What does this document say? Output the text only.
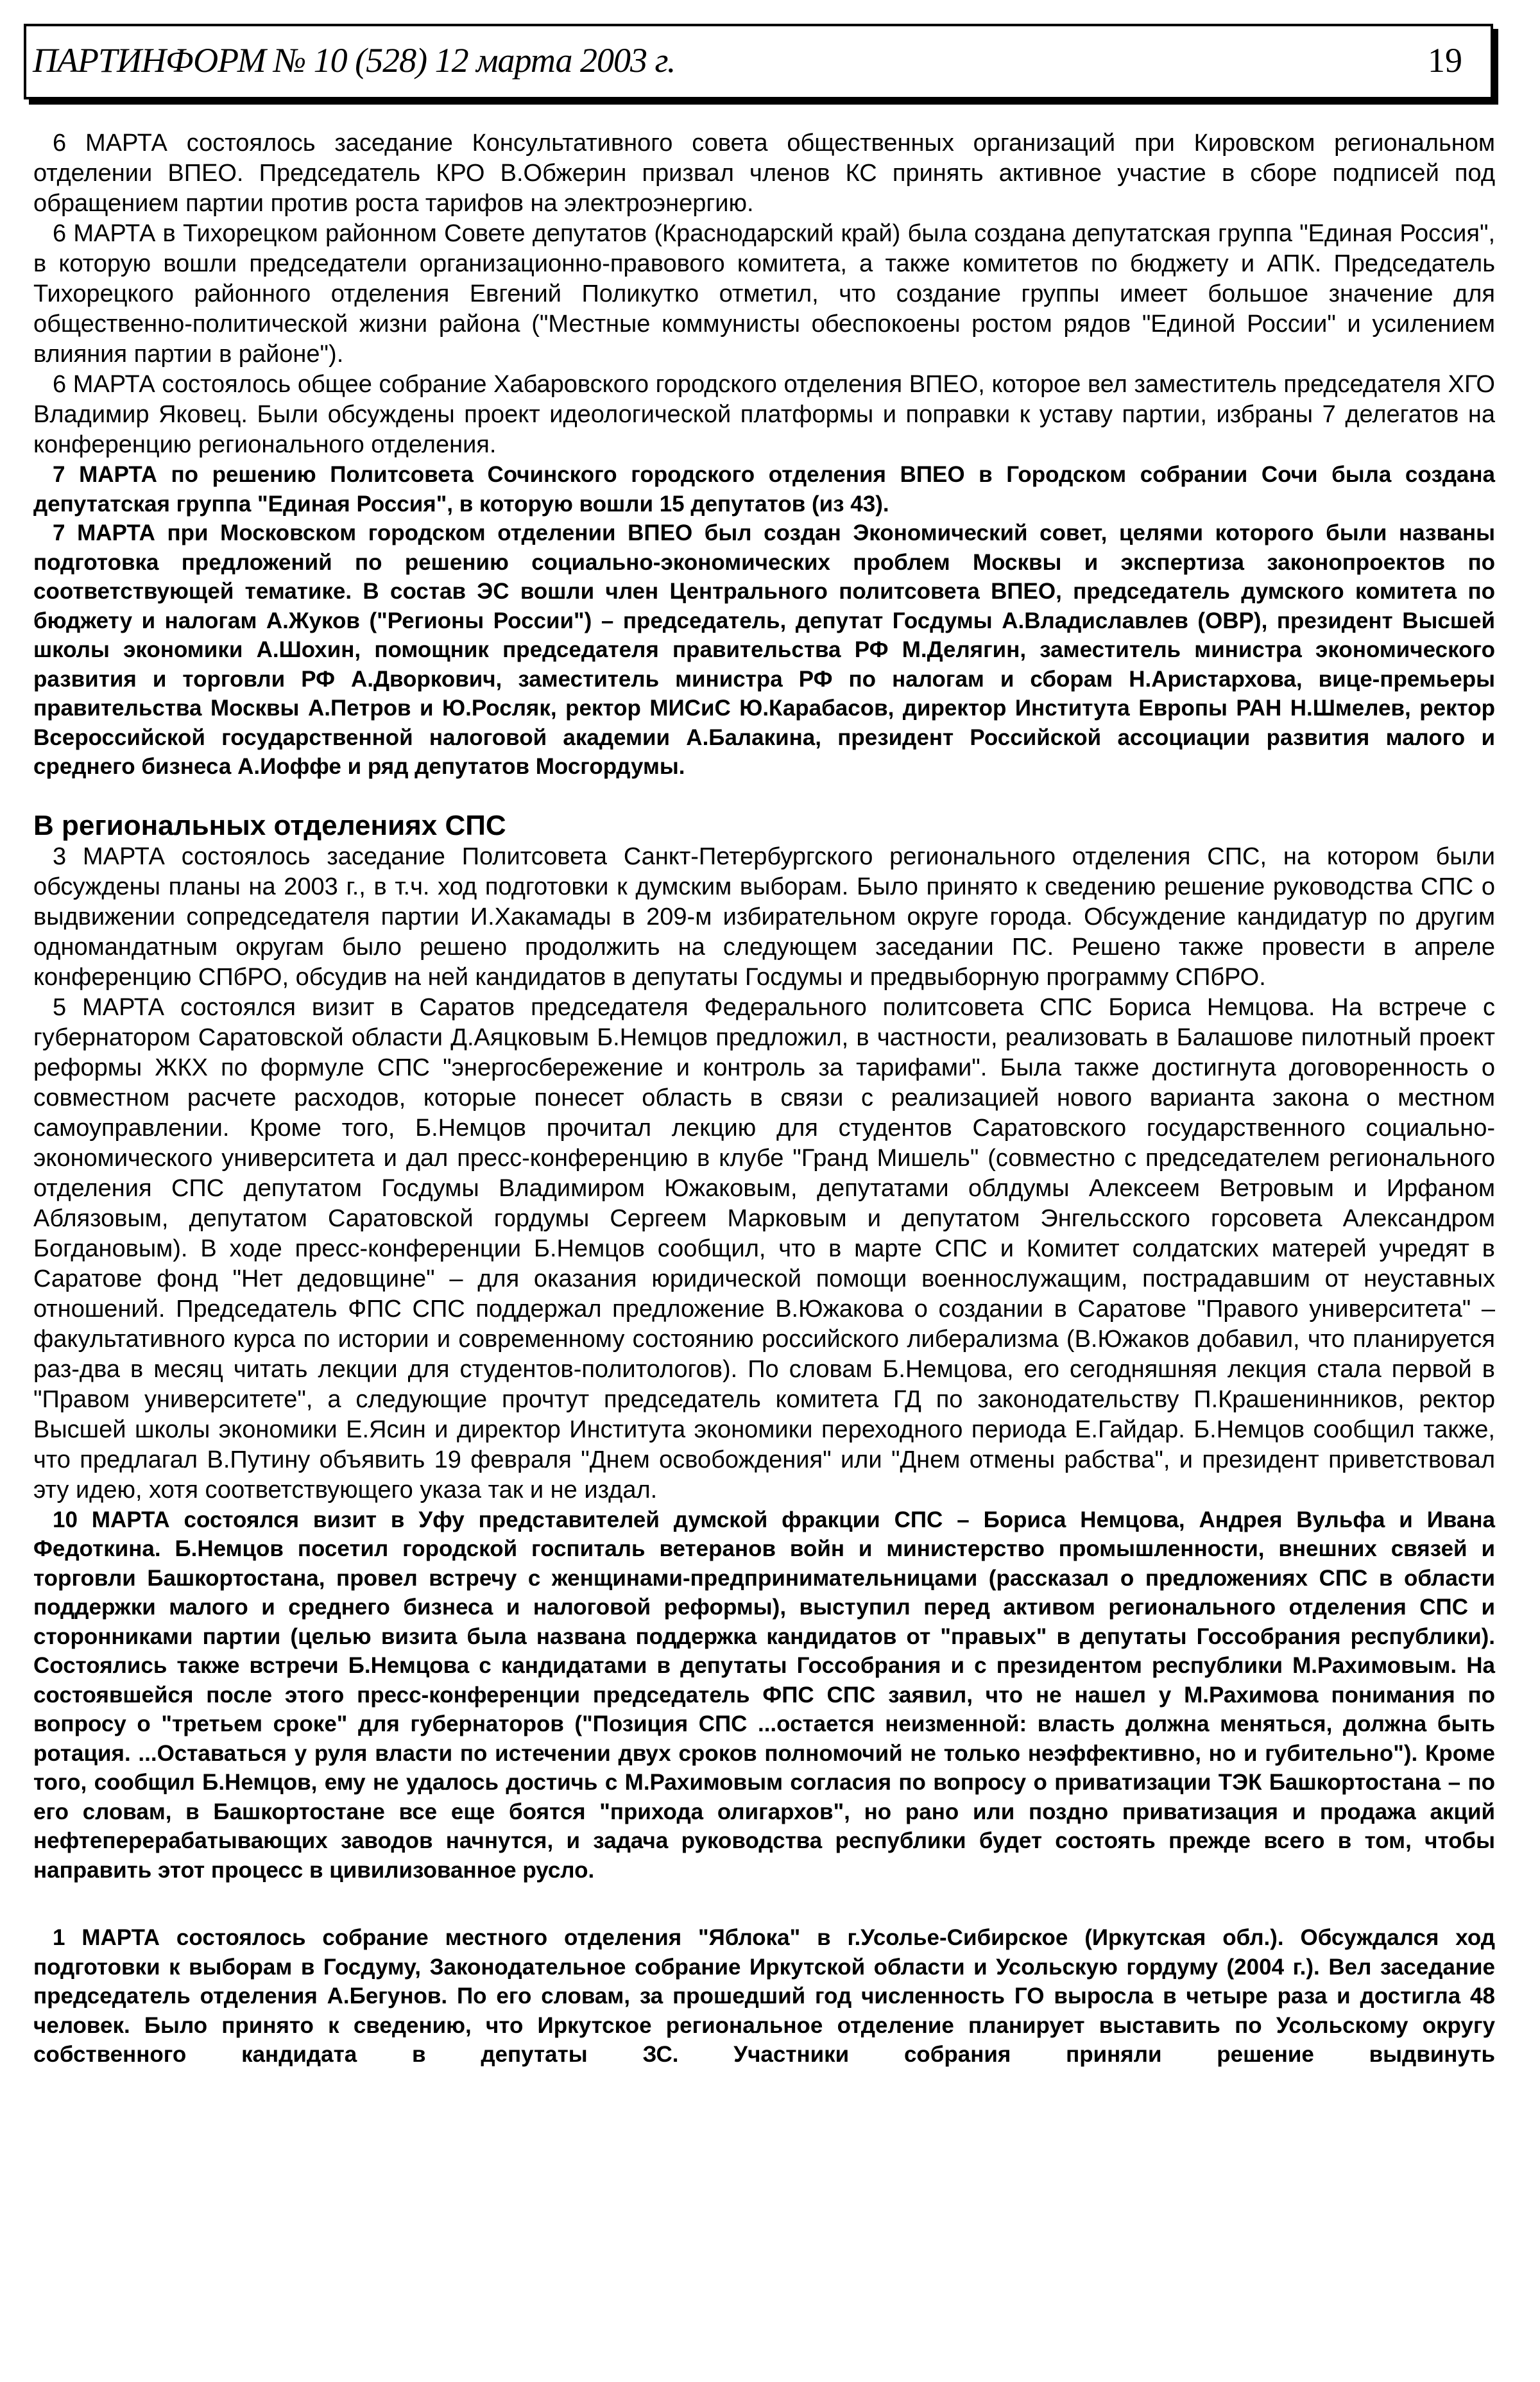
ПАРТИНФОРМ № 10 (528) 12 марта 2003 г.	19

6 МАРТА состоялось заседание Консультативного совета общественных организаций при Кировском региональном отделении ВПЕО. Председатель КРО В.Обжерин призвал членов КС принять активное участие в сборе подписей под обращением партии против роста тарифов на электроэнергию.

6 МАРТА в Тихорецком районном Совете депутатов (Краснодарский край) была создана депутатская группа "Единая Россия", в которую вошли председатели организационно-правового комитета, а также комитетов по бюджету и АПК. Председатель Тихорецкого районного отделения Евгений Поликутко отметил, что создание группы имеет большое значение для общественно-политической жизни района ("Местные коммунисты обеспокоены ростом рядов "Единой России" и усилением влияния партии в районе").

6 МАРТА состоялось общее собрание Хабаровского городского отделения ВПЕО, которое вел заместитель председателя ХГО Владимир Яковец. Были обсуждены проект идеологической платформы и поправки к уставу партии, избраны 7 делегатов на конференцию регионального отделения.

7 МАРТА по решению Политсовета Сочинского городского отделения ВПЕО в Городском собрании Сочи была создана депутатская группа "Единая Россия", в которую вошли 15 депутатов (из 43).

7 МАРТА при Московском городском отделении ВПЕО был создан Экономический совет, целями которого были названы подготовка предложений по решению социально-экономических проблем Москвы и экспертиза законопроектов по соответствующей тематике. В состав ЭС вошли член Центрального политсовета ВПЕО, председатель думского комитета по бюджету и налогам А.Жуков ("Регионы России") – председатель, депутат Госдумы А.Владиславлев (ОВР), президент Высшей школы экономики А.Шохин, помощник председателя правительства РФ М.Делягин, заместитель министра экономического развития и торговли РФ А.Дворкович, заместитель министра РФ по налогам и сборам Н.Аристархова, вице-премьеры правительства Москвы А.Петров и Ю.Росляк, ректор МИСиС Ю.Карабасов, директор Института Европы РАН Н.Шмелев, ректор Всероссийской государственной налоговой академии А.Балакина, президент Российской ассоциации развития малого и среднего бизнеса А.Иоффе и ряд депутатов Мосгордумы.

В региональных отделениях СПС

3 МАРТА состоялось заседание Политсовета Санкт-Петербургского регионального отделения СПС, на котором были обсуждены планы на 2003 г., в т.ч. ход подготовки к думским выборам. Было принято к сведению решение руководства СПС о выдвижении сопредседателя партии И.Хакамады в 209-м избирательном округе города. Обсуждение кандидатур по другим одномандатным округам было решено продолжить на следующем заседании ПС. Решено также провести в апреле конференцию СПбРО, обсудив на ней кандидатов в депутаты Госдумы и предвыборную программу СПбРО.

5 МАРТА состоялся визит в Саратов председателя Федерального политсовета СПС Бориса Немцова. На встрече с губернатором Саратовской области Д.Аяцковым Б.Немцов предложил, в частности, реализовать в Балашове пилотный проект реформы ЖКХ по формуле СПС "энергосбережение и контроль за тарифами". Была также достигнута договоренность о совместном расчете расходов, которые понесет область в связи с реализацией нового варианта закона о местном самоуправлении. Кроме того, Б.Немцов прочитал лекцию для студентов Саратовского государственного социально-экономического университета и дал пресс-конференцию в клубе "Гранд Мишель" (совместно с председателем регионального отделения СПС депутатом Госдумы Владимиром Южаковым, депутатами облдумы Алексеем Ветровым и Ирфаном Аблязовым, депутатом Саратовской гордумы Сергеем Марковым и депутатом Энгельсского горсовета Александром Богдановым). В ходе пресс-конференции Б.Немцов сообщил, что в марте СПС и Комитет солдатских матерей учредят в Саратове фонд "Нет дедовщине" – для оказания юридической помощи военнослужащим, пострадавшим от неуставных отношений. Председатель ФПС СПС поддержал предложение В.Южакова о создании в Саратове "Правого университета" – факультативного курса по истории и современному состоянию российского либерализма (В.Южаков добавил, что планируется раз-два в месяц читать лекции для студентов-политологов). По словам Б.Немцова, его сегодняшняя лекция стала первой в "Правом университете", а следующие прочтут председатель комитета ГД по законодательству П.Крашенинников, ректор Высшей школы экономики Е.Ясин и директор Института экономики переходного периода Е.Гайдар. Б.Немцов сообщил также, что предлагал В.Путину объявить 19 февраля "Днем освобождения" или "Днем отмены рабства", и президент приветствовал эту идею, хотя соответствующего указа так и не издал.

10 МАРТА состоялся визит в Уфу представителей думской фракции СПС – Бориса Немцова, Андрея Вульфа и Ивана Федоткина. Б.Немцов посетил городской госпиталь ветеранов войн и министерство промышленности, внешних связей и торговли Башкортостана, провел встречу с женщинами-предпринимательницами (рассказал о предложениях СПС в области поддержки малого и среднего бизнеса и налоговой реформы), выступил перед активом регионального отделения СПС и сторонниками партии (целью визита была названа поддержка кандидатов от "правых" в депутаты Госсобрания республики). Состоялись также встречи Б.Немцова с кандидатами в депутаты Госсобрания и с президентом республики М.Рахимовым. На состоявшейся после этого пресс-конференции председатель ФПС СПС заявил, что не нашел у М.Рахимова понимания по вопросу о "третьем сроке" для губернаторов ("Позиция СПС ...остается неизменной: власть должна меняться, должна быть ротация. ...Оставаться у руля власти по истечении двух сроков полномочий не только неэффективно, но и губительно"). Кроме того, сообщил Б.Немцов, ему не удалось достичь с М.Рахимовым согласия по вопросу о приватизации ТЭК Башкортостана – по его словам, в Башкортостане все еще боятся "прихода олигархов", но рано или поздно приватизация и продажа акций нефтеперерабатывающих заводов начнутся, и задача руководства республики будет состоять прежде всего в том, чтобы направить этот процесс в цивилизованное русло.

1 МАРТА состоялось собрание местного отделения "Яблока" в г.Усолье-Сибирское (Иркутская обл.). Обсуждался ход подготовки к выборам в Госдуму, Законодательное собрание Иркутской области и Усольскую гордуму (2004 г.). Вел заседание председатель отделения А.Бегунов. По его словам, за прошедший год численность ГО выросла в четыре раза и достигла 48 человек. Было принято к сведению, что Иркутское региональное отделение планирует выставить по Усольскому округу собственного кандидата в депутаты ЗС. Участники собрания приняли решение выдвинуть
